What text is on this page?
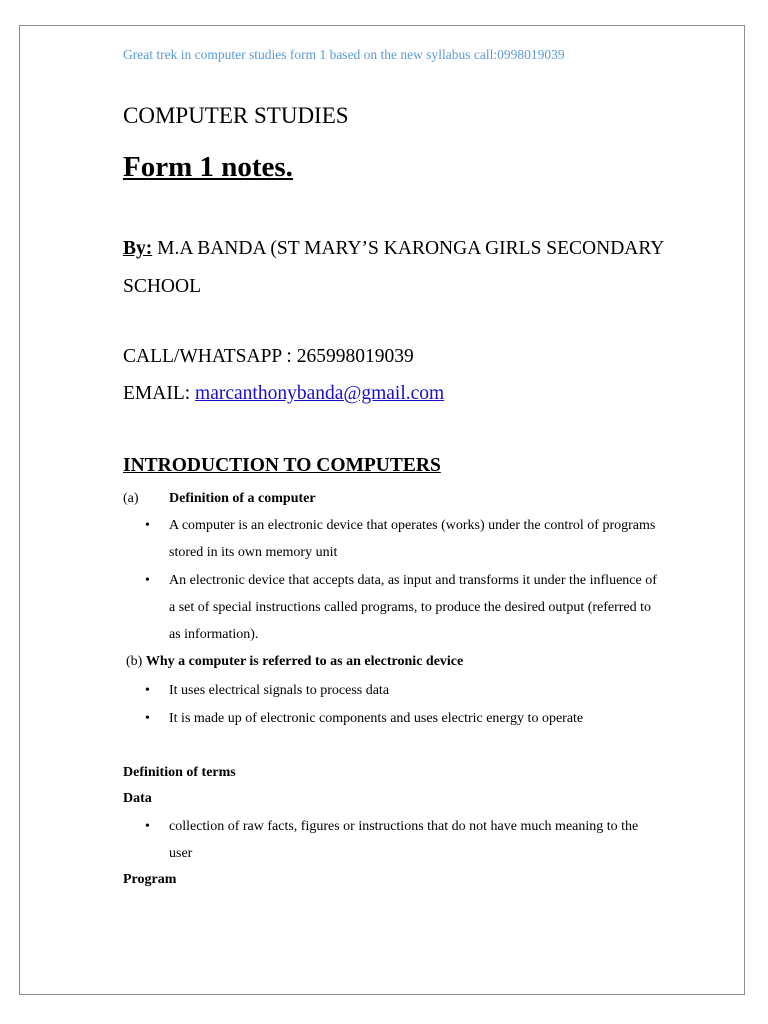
Great trek in computer studies form 1 based on the new syllabus call:0998019039
COMPUTER STUDIES
Form 1 notes.
By: M.A BANDA (ST MARY’S KARONGA GIRLS SECONDARY
SCHOOL
CALL/WHATSAPP : 265998019039
EMAIL: marcanthonybanda@gmail.com
INTRODUCTION TO COMPUTERS
(a) Definition of a computer
• A computer is an electronic device that operates (works) under the control of programs
stored in its own memory unit
• An electronic device that accepts data, as input and transforms it under the influence of
a set of special instructions called programs, to produce the desired output (referred to
as information).
(b) Why a computer is referred to as an electronic device
• It uses electrical signals to process data
• It is made up of electronic components and uses electric energy to operate
Definition of terms
Data
• collection of raw facts, figures or instructions that do not have much meaning to the
user
Program
